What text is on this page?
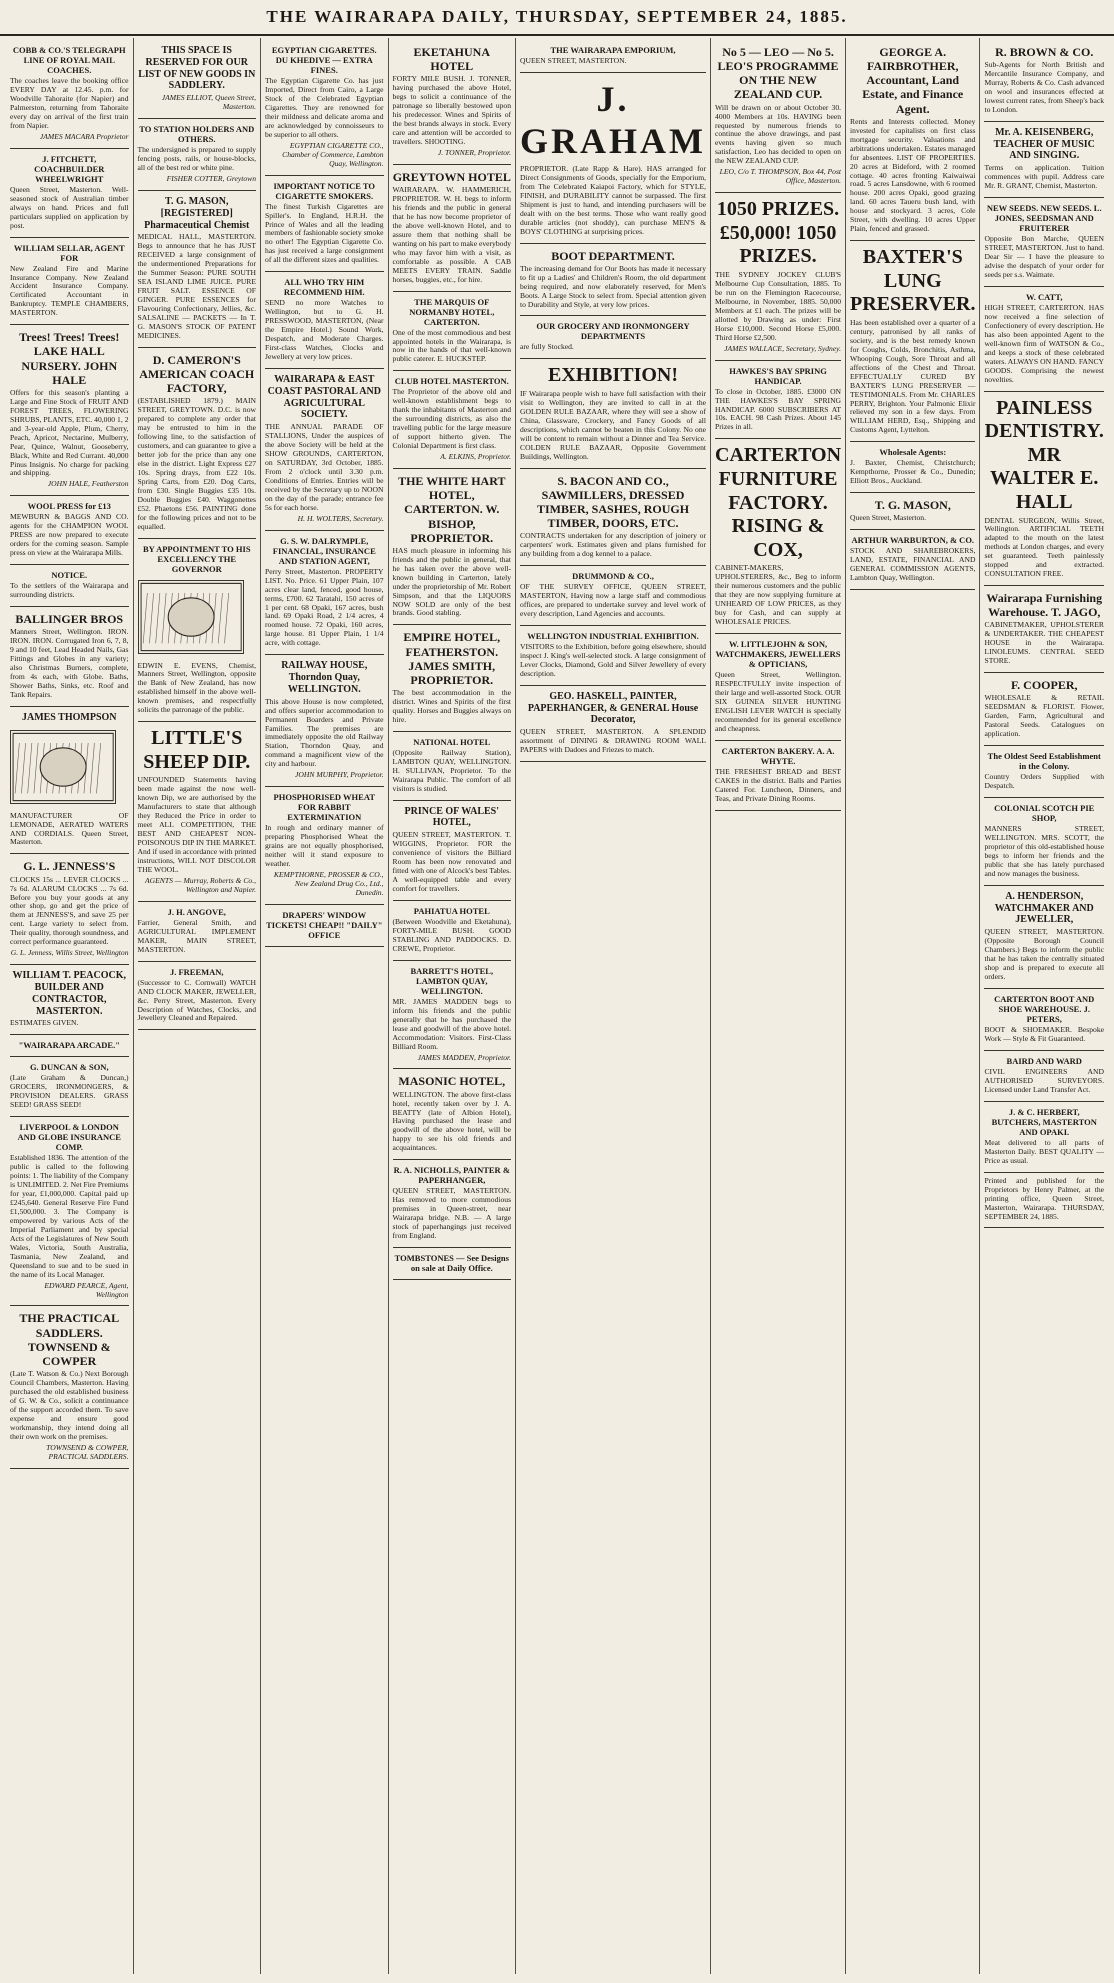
THE WAIRARAPA DAILY, THURSDAY, SEPTEMBER 24, 1885.
COBB & CO.'S TELEGRAPH LINE OF ROYAL MAIL COACHES.

The coaches leave the booking office EVERY DAY at 12.45. p.m. for Woodville Tahoraite (for Napier) and Palmerston, returning from Tahoraite every day on arrival of the first train from Napier.

JAMES MACARA Proprietor

J. FITCHETT, COACHBUILDER WHEELWRIGHT

Queen Street, Masterton. Well-seasoned stock of Australian timber always on hand. Prices and full particulars supplied on application by post.

WILLIAM SELLAR, AGENT FOR

New Zealand Fire and Marine Insurance Company. New Zealand Accident Insurance Company. Certificated Accountant in Bankruptcy. TEMPLE CHAMBERS, MASTERTON.

Trees! Trees! Trees! LAKE HALL NURSERY. JOHN HALE

Offers for this season's planting a Large and Fine Stock of FRUIT AND FOREST TREES, FLOWERING SHRUBS, PLANTS, ETC. 40,000 1, 2 and 3-year-old Apple, Plum, Cherry, Peach, Apricot, Nectarine, Mulberry, Pear, Quince, Walnut, Gooseberry, Black, White and Red Currant. 40,000 Pinus Insignis. No charge for packing and shipping.

JOHN HALE, Featherston

WOOL PRESS for £13

MEWBURN & BAGGS AND CO. agents for the CHAMPION WOOL PRESS are now prepared to execute orders for the coming season. Sample press on view at the Wairarapa Mills.

NOTICE.

To the settlers of the Wairarapa and surrounding districts.

BALLINGER BROS

Manners Street, Wellington. IRON. IRON. IRON. Corrugated Iron 6, 7, 8, 9 and 10 feet, Lead Headed Nails, Gas Fittings and Globes in any variety; also Christmas Burners, complete, from 4s each, with Globe. Baths, Shower Baths, Sinks, etc. Roof and Tank Repairs.

JAMES THOMPSON

MANUFACTURER OF LEMONADE, AERATED WATERS AND CORDIALS. Queen Street, Masterton.

G. L. JENNESS'S

CLOCKS 15s ... LEVER CLOCKS ... 7s 6d. ALARUM CLOCKS ... 7s 6d. Before you buy your goods at any other shop, go and get the price of them at JENNESS'S, and save 25 per cent. Large variety to select from. Their quality, thorough soundness, and correct performance guaranteed.

G. L. Jenness, Willis Street, Wellington

WILLIAM T. PEACOCK, BUILDER AND CONTRACTOR, MASTERTON.

ESTIMATES GIVEN.

"WAIRARAPA ARCADE."
G. DUNCAN & SON,

(Late Graham & Duncan,) GROCERS, IRONMONGERS, & PROVISION DEALERS. GRASS SEED! GRASS SEED!

LIVERPOOL & LONDON AND GLOBE INSURANCE COMP.

Established 1836. The attention of the public is called to the following points: 1. The liability of the Company is UNLIMITED. 2. Net Fire Premiums for year, £1,000,000. Capital paid up £245,640. General Reserve Fire Fund £1,500,000. 3. The Company is empowered by various Acts of the Imperial Parliament and by special Acts of the Legislatures of New South Wales, Victoria, South Australia, Tasmania, New Zealand, and Queensland to sue and to be sued in the name of its Local Manager.

EDWARD PEARCE, Agent, Wellington

THE PRACTICAL SADDLERS. TOWNSEND & COWPER

(Late T. Watson & Co.) Next Borough Council Chambers, Masterton. Having purchased the old established business of G. W. & Co., solicit a continuance of the support accorded them. To save expense and ensure good workmanship, they intend doing all their own work on the premises.

TOWNSEND & COWPER, PRACTICAL SADDLERS.

THIS SPACE IS RESERVED FOR OUR LIST OF NEW GOODS IN SADDLERY.

JAMES ELLIOT, Queen Street, Masterton.

TO STATION HOLDERS AND OTHERS.

The undersigned is prepared to supply fencing posts, rails, or house-blocks, all of the best red or white pine.

FISHER COTTER, Greytown

T. G. MASON, [REGISTERED] Pharmaceutical Chemist

MEDICAL HALL, MASTERTON. Begs to announce that he has JUST RECEIVED a large consignment of the undermentioned Preparations for the Summer Season: PURE SOUTH SEA ISLAND LIME JUICE. PURE FRUIT SALT. ESSENCE OF GINGER. PURE ESSENCES for Flavouring Confectionary, Jellies, &c. SALSALINE — PACKETS — In T. G. MASON'S STOCK OF PATENT MEDICINES.

D. CAMERON'S AMERICAN COACH FACTORY,

(ESTABLISHED 1879.) MAIN STREET, GREYTOWN. D.C. is now prepared to complete any order that may be entrusted to him in the following line, to the satisfaction of customers, and can guarantee to give a better job for the price than any one else in the district. Light Express £27 10s. Spring drays, from £22 10s. Spring Carts, from £20. Dog Carts, from £30. Single Buggies £35 10s. Double Buggies £40. Waggonettes £52. Phaetons £56. PAINTING done for the following prices and not to be equalled.

BY APPOINTMENT TO HIS EXCELLENCY THE GOVERNOR

EDWIN E. EVENS, Chemist, Manners Street, Wellington, opposite the Bank of New Zealand, has now established himself in the above well-known premises, and respectfully solicits the patronage of the public.

LITTLE'S SHEEP DIP.

UNFOUNDED Statements having been made against the now well-known Dip, we are authorised by the Manufacturers to state that although they Reduced the Price in order to meet ALL COMPETITION, THE BEST AND CHEAPEST NON-POISONOUS DIP IN THE MARKET. And if used in accordance with printed instructions, WILL NOT DISCOLOR THE WOOL.

AGENTS — Murray, Roberts & Co., Wellington and Napier.

J. H. ANGOVE,

Farrier, General Smith, and AGRICULTURAL IMPLEMENT MAKER, MAIN STREET, MASTERTON.

J. FREEMAN,

(Successor to C. Cornwall) WATCH AND CLOCK MAKER, JEWELLER, &c. Perry Street, Masterton. Every Description of Watches, Clocks, and Jewellery Cleaned and Repaired.

EGYPTIAN CIGARETTES. DU KHEDIVE — EXTRA FINES.

The Egyptian Cigarette Co. has just Imported, Direct from Cairo, a Large Stock of the Celebrated Egyptian Cigarettes. They are renowned for their mildness and delicate aroma and are acknowledged by connoisseurs to be superior to all others.

EGYPTIAN CIGARETTE CO., Chamber of Commerce, Lambton Quay, Wellington.

IMPORTANT NOTICE TO CIGARETTE SMOKERS.

The finest Turkish Cigarettes are Spiller's. In England, H.R.H. the Prince of Wales and all the leading members of fashionable society smoke no other! The Egyptian Cigarette Co. has just received a large consignment of all the different sizes and qualities.

ALL WHO TRY HIM RECOMMEND HIM.

SEND no more Watches to Wellington, but to G. H. PRESSWOOD, MASTERTON, (Near the Empire Hotel.) Sound Work, Despatch, and Moderate Charges. First-class Watches, Clocks and Jewellery at very low prices.

WAIRARAPA & EAST COAST PASTORAL AND AGRICULTURAL SOCIETY.

THE ANNUAL PARADE OF STALLIONS, Under the auspices of the above Society will be held at the SHOW GROUNDS, CARTERTON, on SATURDAY, 3rd October, 1885. From 2 o'clock until 3.30 p.m. Conditions of Entries. Entries will be received by the Secretary up to NOON on the day of the parade; entrance fee 5s for each horse.

H. H. WOLTERS, Secretary.

G. S. W. DALRYMPLE, FINANCIAL, INSURANCE AND STATION AGENT,

Perry Street, Masterton. PROPERTY LIST. No. Price. 61 Upper Plain, 107 acres clear land, fenced, good house, terms, £700. 62 Taratahi, 150 acres of 1 per cent. 68 Opaki, 167 acres, bush land. 69 Opaki Road, 2 1/4 acres, 4 roomed house. 72 Opaki, 160 acres, large house. 81 Upper Plain, 1 1/4 acre, with cottage.

RAILWAY HOUSE, Thorndon Quay, WELLINGTON.

This above House is now completed, and offers superior accommodation to Permanent Boarders and Private Families. The premises are immediately opposite the old Railway Station, Thorndon Quay, and command a magnificent view of the city and harbour.

JOHN MURPHY, Proprietor.

PHOSPHORISED WHEAT FOR RABBIT EXTERMINATION

In rough and ordinary manner of preparing Phosphorised Wheat the grains are not equally phosphorised, neither will it stand exposure to weather.

KEMPTHORNE, PROSSER & CO., New Zealand Drug Co., Ltd., Dunedin.

DRAPERS' WINDOW TICKETS! CHEAP!! "DAILY" OFFICE
EKETAHUNA HOTEL

FORTY MILE BUSH. J. TONNER, having purchased the above Hotel, begs to solicit a continuance of the patronage so liberally bestowed upon his predecessor. Wines and Spirits of the best brands always in stock. Every care and attention will be accorded to travellers. SHOOTING.

J. TONNER, Proprietor.

GREYTOWN HOTEL

WAIRARAPA. W. HAMMERICH, PROPRIETOR. W. H. begs to inform his friends and the public in general that he has now become proprietor of the above well-known Hotel, and to assure them that nothing shall be wanting on his part to make everybody who may favor him with a visit, as comfortable as possible. A CAB MEETS EVERY TRAIN. Saddle horses, buggies, etc., for hire.

THE MARQUIS OF NORMANBY HOTEL, CARTERTON.

One of the most commodious and best appointed hotels in the Wairarapa, is now in the hands of that well-known public caterer. E. HUCKSTEP.

CLUB HOTEL MASTERTON.

The Proprietor of the above old and well-known establishment begs to thank the inhabitants of Masterton and the surrounding districts, as also the travelling public for the large measure of support hitherto given. The Colonial Department is first class.

A. ELKINS, Proprietor.

THE WHITE HART HOTEL, CARTERTON. W. BISHOP, PROPRIETOR.

HAS much pleasure in informing his friends and the public in general, that he has taken over the above well-known building in Carterton, lately under the proprietorship of Mr. Robert Simpson, and that the LIQUORS NOW SOLD are only of the best brands. Good stabling.

EMPIRE HOTEL, FEATHERSTON. JAMES SMITH, PROPRIETOR.

The best accommodation in the district. Wines and Spirits of the first quality. Horses and Buggies always on hire.

NATIONAL HOTEL

(Opposite Railway Station), LAMBTON QUAY, WELLINGTON. H. SULLIVAN, Proprietor. To the Wairarapa Public. The comfort of all visitors is studied.

PRINCE OF WALES' HOTEL,

QUEEN STREET, MASTERTON. T. WIGGINS, Proprietor. FOR the convenience of visitors the Billiard Room has been now renovated and fitted with one of Alcock's best Tables. A well-equipped table and every comfort for travellers.

PAHIATUA HOTEL

(Between Woodville and Eketahuna), FORTY-MILE BUSH. GOOD STABLING AND PADDOCKS. D. CREWE, Proprietor.

BARRETT'S HOTEL, LAMBTON QUAY, WELLINGTON.

MR. JAMES MADDEN begs to inform his friends and the public generally that he has purchased the lease and goodwill of the above hotel. Accommodation: Visitors. First-Class Billiard Room.

JAMES MADDEN, Proprietor.

MASONIC HOTEL,

WELLINGTON. The above first-class hotel, recently taken over by J. A. BEATTY (late of Albion Hotel), Having purchased the lease and goodwill of the above hotel, will be happy to see his old friends and acquaintances.

R. A. NICHOLLS, PAINTER & PAPERHANGER,

QUEEN STREET, MASTERTON. Has removed to more commodious premises in Queen-street, near Wairarapa bridge. N.B. — A large stock of paperhangings just received from England.

TOMBSTONES — See Designs on sale at Daily Office.
THE WAIRARAPA EMPORIUM,

QUEEN STREET, MASTERTON.

J. GRAHAM

PROPRIETOR. (Late Rapp & Hare). HAS arranged for Direct Consignments of Goods, specially for the Emporium, from The Celebrated Kaiapoi Factory, which for STYLE, FINISH, and DURABILITY cannot be surpassed. The first Shipment is just to hand, and intending purchasers will be dealt with on the best terms. Those who want really good durable articles (not shoddy), can purchase MEN'S & BOYS' CLOTHING at surprising prices.

BOOT DEPARTMENT.

The increasing demand for Our Boots has made it necessary to fit up a Ladies' and Children's Room, the old department being required, and now elaborately reserved, for Men's Boots. A Large Stock to select from. Special attention given to Durability and Style, at very low prices.

OUR GROCERY AND IRONMONGERY DEPARTMENTS

are fully Stocked.

EXHIBITION!

IF Wairarapa people wish to have full satisfaction with their visit to Wellington, they are invited to call in at the GOLDEN RULE BAZAAR, where they will see a show of China, Glassware, Crockery, and Fancy Goods of all descriptions, which cannot be beaten in this Colony. No one will be content to remain without a Dinner and Tea Service. COLDEN RULE BAZAAR, Opposite Government Buildings, Wellington.

S. BACON AND CO., SAWMILLERS, DRESSED TIMBER, SASHES, ROUGH TIMBER, DOORS, ETC.

CONTRACTS undertaken for any description of joinery or carpenters' work. Estimates given and plans furnished for any building from a dog kennel to a palace.

DRUMMOND & CO.,

OF THE SURVEY OFFICE, QUEEN STREET, MASTERTON, Having now a large staff and commodious offices, are prepared to undertake survey and level work of every description, Land Agencies and accounts.

WELLINGTON INDUSTRIAL EXHIBITION.

VISITORS to the Exhibition, before going elsewhere, should inspect J. King's well-selected stock. A large consignment of Lever Clocks, Diamond, Gold and Silver Jewellery of every description.

GEO. HASKELL, PAINTER, PAPERHANGER, & GENERAL House Decorator,

QUEEN STREET, MASTERTON. A SPLENDID assortment of DINING & DRAWING ROOM WALL PAPERS with Dadoes and Friezes to match.

No 5 — LEO — No 5. LEO'S PROGRAMME ON THE NEW ZEALAND CUP.

Will be drawn on or about October 30. 4000 Members at 10s. HAVING been requested by numerous friends to continue the above drawings, and past events having given so much satisfaction, Leo has decided to open on the NEW ZEALAND CUP.

LEO, C/o T. THOMPSON, Box 44, Post Office, Masterton.

1050 PRIZES. £50,000! 1050 PRIZES.

THE SYDNEY JOCKEY CLUB'S Melbourne Cup Consultation, 1885. To be run on the Flemington Racecourse, Melbourne, in November, 1885. 50,000 Members at £1 each. The prizes will be allotted by Drawing as under: First Horse £10,000. Second Horse £5,000. Third Horse £2,500.

JAMES WALLACE, Secretary, Sydney.

HAWKES'S BAY SPRING HANDICAP.

To close in October, 1885. £3000 ON THE HAWKES'S BAY SPRING HANDICAP. 6000 SUBSCRIBERS AT 10s. EACH. 98 Cash Prizes. About 145 Prizes in all.

CARTERTON FURNITURE FACTORY. RISING & COX,

CABINET-MAKERS, UPHOLSTERERS, &c., Beg to inform their numerous customers and the public that they are now supplying furniture at UNHEARD OF LOW PRICES, as they buy for Cash, and can supply at WHOLESALE PRICES.

W. LITTLEJOHN & SON, WATCHMAKERS, JEWELLERS & OPTICIANS,

Queen Street, Wellington. RESPECTFULLY invite inspection of their large and well-assorted Stock. OUR SIX GUINEA SILVER HUNTING ENGLISH LEVER WATCH is specially recommended for its general excellence and cheapness.

CARTERTON BAKERY. A. A. WHYTE.

THE FRESHEST BREAD and BEST CAKES in the district. Balls and Parties Catered For. Luncheon, Dinners, and Teas, and Private Dining Rooms.

GEORGE A. FAIRBROTHER, Accountant, Land Estate, and Finance Agent.

Rents and Interests collected. Money invested for capitalists on first class mortgage security. Valuations and arbitrations undertaken. Estates managed for absentees. LIST OF PROPERTIES. 20 acres at Bideford, with 2 roomed cottage. 40 acres fronting Kaiwaiwai road. 5 acres Lansdowne, with 6 roomed house. 200 acres Opaki, good grazing land. 60 acres Taueru bush land, with house and stockyard. 3 acres, Cole Street, with dwelling. 10 acres Upper Plain, fenced and grassed.

BAXTER'S LUNG PRESERVER.

Has been established over a quarter of a century, patronised by all ranks of society, and is the best remedy known for Coughs, Colds, Bronchitis, Asthma, Whooping Cough, Sore Throat and all affections of the Chest and Throat. EFFECTUALLY CURED BY BAXTER'S LUNG PRESERVER — TESTIMONIALS. From Mr. CHARLES PERRY, Brighton. Your Palmonic Elixir relieved my son in a few days. From WILLIAM HERD, Esq., Shipping and Customs Agent, Lyttelton.

Wholesale Agents:

J. Baxter, Chemist, Christchurch; Kempthorne, Prosser & Co., Dunedin; Elliott Bros., Auckland.

T. G. MASON,

Queen Street, Masterton.

ARTHUR WARBURTON, & CO.

STOCK AND SHAREBROKERS, LAND, ESTATE, FINANCIAL AND GENERAL COMMISSION AGENTS, Lambton Quay, Wellington.

R. BROWN & CO.

Sub-Agents for North British and Mercantile Insurance Company, and Murray, Roberts & Co. Cash advanced on wool and insurances effected at lowest current rates, from Sheep's back to London.

Mr. A. KEISENBERG, TEACHER OF MUSIC AND SINGING.

Terms on application. Tuition commences with pupil. Address care Mr. R. GRANT, Chemist, Masterton.

NEW SEEDS. NEW SEEDS. L. JONES, SEEDSMAN AND FRUITERER

Opposite Bon Marche, QUEEN STREET, MASTERTON. Just to hand. Dear Sir — I have the pleasure to advise the despatch of your order for seeds per s.s. Waimate.

W. CATT,

HIGH STREET, CARTERTON. HAS now received a fine selection of Confectionery of every description. He has also been appointed Agent to the well-known firm of WATSON & Co., and keeps a stock of these celebrated waters. ALWAYS ON HAND. FANCY GOODS. Comprising the newest novelties.

PAINLESS DENTISTRY. MR WALTER E. HALL

DENTAL SURGEON, Willis Street, Wellington. ARTIFICIAL TEETH adapted to the mouth on the latest methods at London charges, and every set guaranteed. Teeth painlessly stopped and extracted. CONSULTATION FREE.

Wairarapa Furnishing Warehouse. T. JAGO,

CABINETMAKER, UPHOLSTERER & UNDERTAKER. THE CHEAPEST HOUSE in the Wairarapa. LINOLEUMS. CENTRAL SEED STORE.

F. COOPER,

WHOLESALE & RETAIL SEEDSMAN & FLORIST. Flower, Garden, Farm, Agricultural and Pastoral Seeds. Catalogues on application.

The Oldest Seed Establishment in the Colony.

Country Orders Supplied with Despatch.

COLONIAL SCOTCH PIE SHOP,

MANNERS STREET, WELLINGTON. MRS. SCOTT, the proprietor of this old-established house begs to inform her friends and the public that she has lately purchased and now manages the business.

A. HENDERSON, WATCHMAKER AND JEWELLER,

QUEEN STREET, MASTERTON. (Opposite Borough Council Chambers.) Begs to inform the public that he has taken the centrally situated shop and is prepared to execute all orders.

CARTERTON BOOT AND SHOE WAREHOUSE. J. PETERS,

BOOT & SHOEMAKER. Bespoke Work — Style & Fit Guaranteed.

BAIRD AND WARD

CIVIL ENGINEERS AND AUTHORISED SURVEYORS. Licensed under Land Transfer Act.

J. & C. HERBERT, BUTCHERS, MASTERTON AND OPAKI.

Meat delivered to all parts of Masterton Daily. BEST QUALITY — Price as usual.

Printed and published for the Proprietors by Henry Palmer, at the printing office, Queen Street, Masterton, Wairarapa. THURSDAY, SEPTEMBER 24, 1885.
